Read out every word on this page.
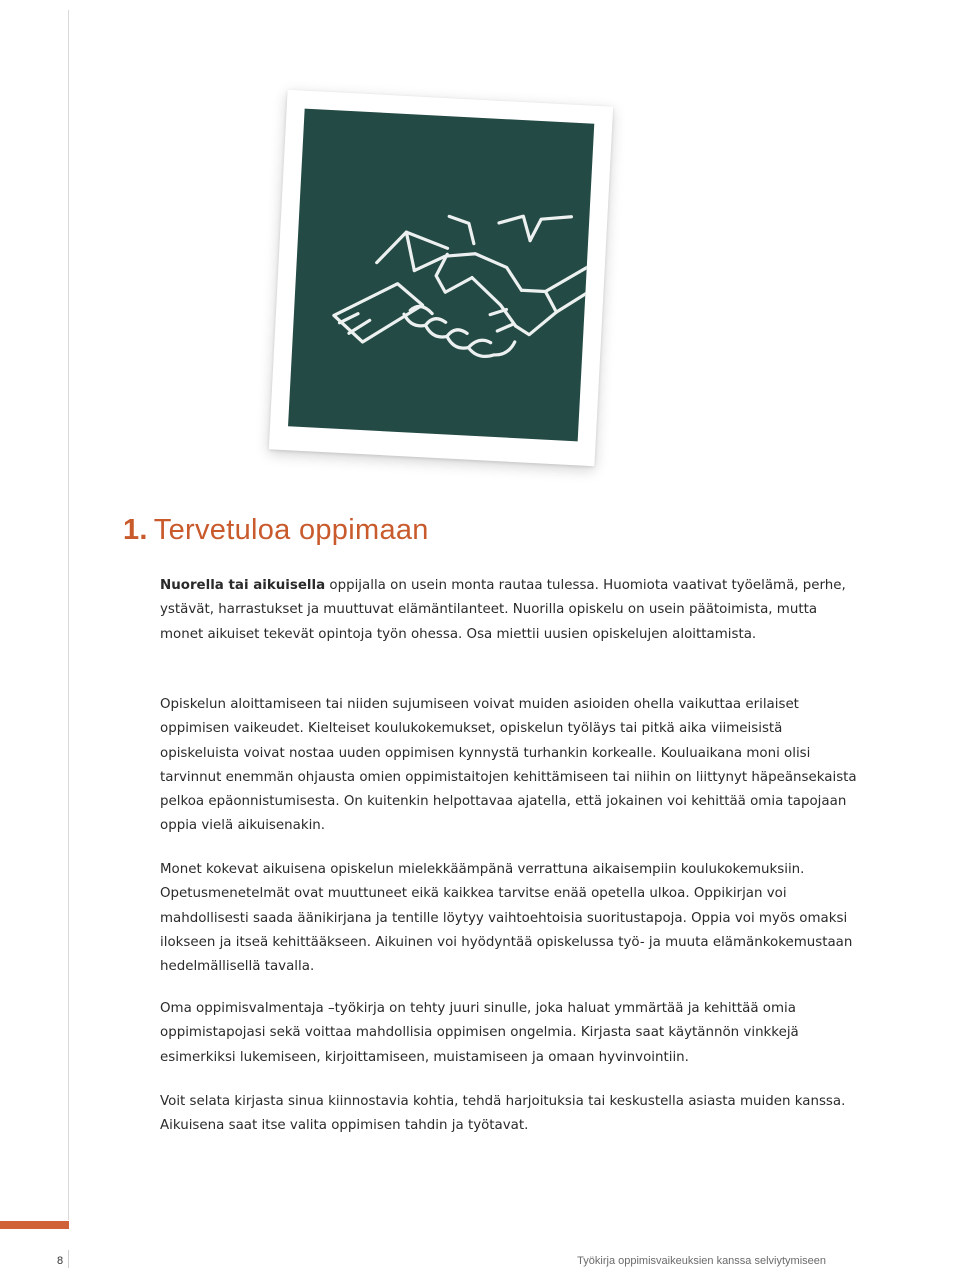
1. Tervetuloa oppimaan

Nuorella tai aikuisella oppijalla on usein monta rautaa tulessa. Huomiota vaativat työelämä, perhe, ystävät, harrastukset ja muuttuvat elämäntilanteet. Nuorilla opiskelu on usein päätoimista, mutta monet aikuiset tekevät opintoja työn ohessa. Osa miettii uusien opiskelujen aloittamista.

Opiskelun aloittamiseen tai niiden sujumiseen voivat muiden asioiden ohella vaikuttaa erilaiset oppimisen vaikeudet. Kielteiset koulukokemukset, opiskelun työläys tai pitkä aika viimeisistä opiskeluista voivat nostaa uuden oppimisen kynnystä turhankin korkealle. Kouluaikana moni olisi tarvinnut enemmän ohjausta omien oppimistaitojen kehittämiseen tai niihin on liittynyt häpeänsekaista pelkoa epäonnistumisesta. On kuitenkin helpottavaa ajatella, että jokainen voi kehittää omia tapojaan oppia vielä aikuisenakin.

Monet kokevat aikuisena opiskelun mielekkäämpänä verrattuna aikaisempiin koulukokemuksiin. Opetusmenetelmät ovat muuttuneet eikä kaikkea tarvitse enää opetella ulkoa. Oppikirjan voi mahdollisesti saada äänikirjana ja tentille löytyy vaihtoehtoisia suoritustapoja. Oppia voi myös omaksi ilokseen ja itseä kehittääkseen. Aikuinen voi hyödyntää opiskelussa työ- ja muuta elämänkokemustaan hedelmällisellä tavalla.

Oma oppimisvalmentaja –työkirja on tehty juuri sinulle, joka haluat ymmärtää ja kehittää omia oppimistapojasi sekä voittaa mahdollisia oppimisen ongelmia. Kirjasta saat käytännön vinkkejä esimerkiksi lukemiseen, kirjoittamiseen, muistamiseen ja omaan hyvinvointiin.

Voit selata kirjasta sinua kiinnostavia kohtia, tehdä harjoituksia tai keskustella asiasta muiden kanssa. Aikuisena saat itse valita oppimisen tahdin ja työtavat.

8	Työkirja oppimisvaikeuksien kanssa selviytymiseen
